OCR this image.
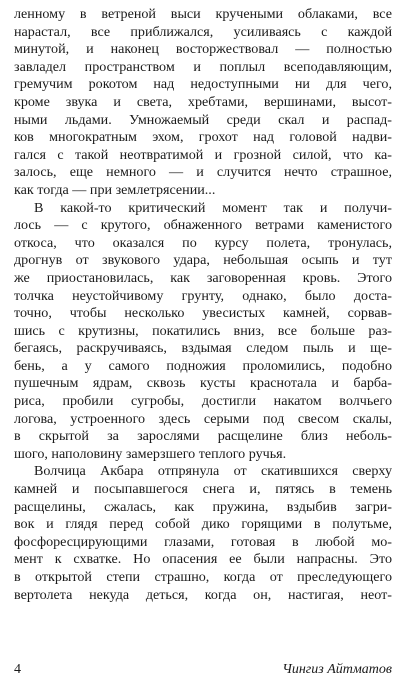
ленному в ветреной выси кручеными облаками, все
нарастал, все приближался, усиливаясь с каждой
минутой, и наконец восторжествовал — полностью
завладел пространством и поплыл всеподавляющим,
гремучим рокотом над недоступными ни для чего,
кроме звука и света, хребтами, вершинами, высот-
ными льдами. Умножаемый среди скал и распад-
ков многократным эхом, грохот над головой надви-
гался с такой неотвратимой и грозной силой, что ка-
залось, еще немного — и случится нечто страшное,
как тогда — при землетрясении...
В какой-то критический момент так и получи-
лось — с крутого, обнаженного ветрами каменистого
откоса, что оказался по курсу полета, тронулась,
дрогнув от звукового удара, небольшая осыпь и тут
же приостановилась, как заговоренная кровь. Этого
толчка неустойчивому грунту, однако, было доста-
точно, чтобы несколько увесистых камней, сорвав-
шись с крутизны, покатились вниз, все больше раз-
бегаясь, раскручиваясь, вздымая следом пыль и ще-
бень, а у самого подножия проломились, подобно
пушечным ядрам, сквозь кусты краснотала и барба-
риса, пробили сугробы, достигли накатом волчьего
логова, устроенного здесь серыми под свесом скалы,
в скрытой за зарослями расщелине близ неболь-
шого, наполовину замерзшего теплого ручья.
Волчица Акбара отпрянула от скатившихся сверху
камней и посыпавшегося снега и, пятясь в темень
расщелины, сжалась, как пружина, вздыбив загри-
вок и глядя перед собой дико горящими в полутьме,
фосфоресцирующими глазами, готовая в любой мо-
мент к схватке. Но опасения ее были напрасны. Это
в открытой степи страшно, когда от преследующего
вертолета некуда деться, когда он, настигая, неот-
4	Чингиз Айтматов
